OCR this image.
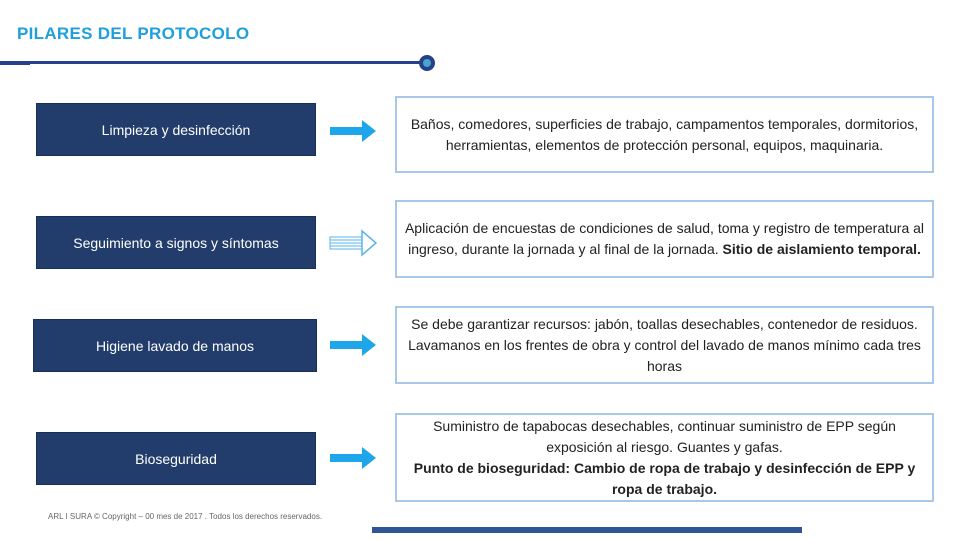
PILARES DEL PROTOCOLO
Limpieza y desinfección	Baños, comedores, superficies de trabajo, campamentos temporales, dormitorios, herramientas, elementos de protección personal, equipos, maquinaria.
Seguimiento a signos y síntomas
Aplicación de encuestas de condiciones de salud, toma y registro de temperatura al ingreso, durante la jornada y al final de la jornada. Sitio de aislamiento temporal.
Higiene lavado de manos
Se debe garantizar recursos: jabón, toallas desechables, contenedor de residuos. Lavamanos en los frentes de obra y control del lavado de manos mínimo cada tres horas
Bioseguridad
Suministro de tapabocas desechables, continuar suministro de EPP según exposición al riesgo. Guantes y gafas.
Punto de bioseguridad: Cambio de ropa de trabajo y desinfección de EPP y ropa de trabajo.
ARL I SURA © Copyright – 00 mes de 2017 . Todos los derechos reservados.
